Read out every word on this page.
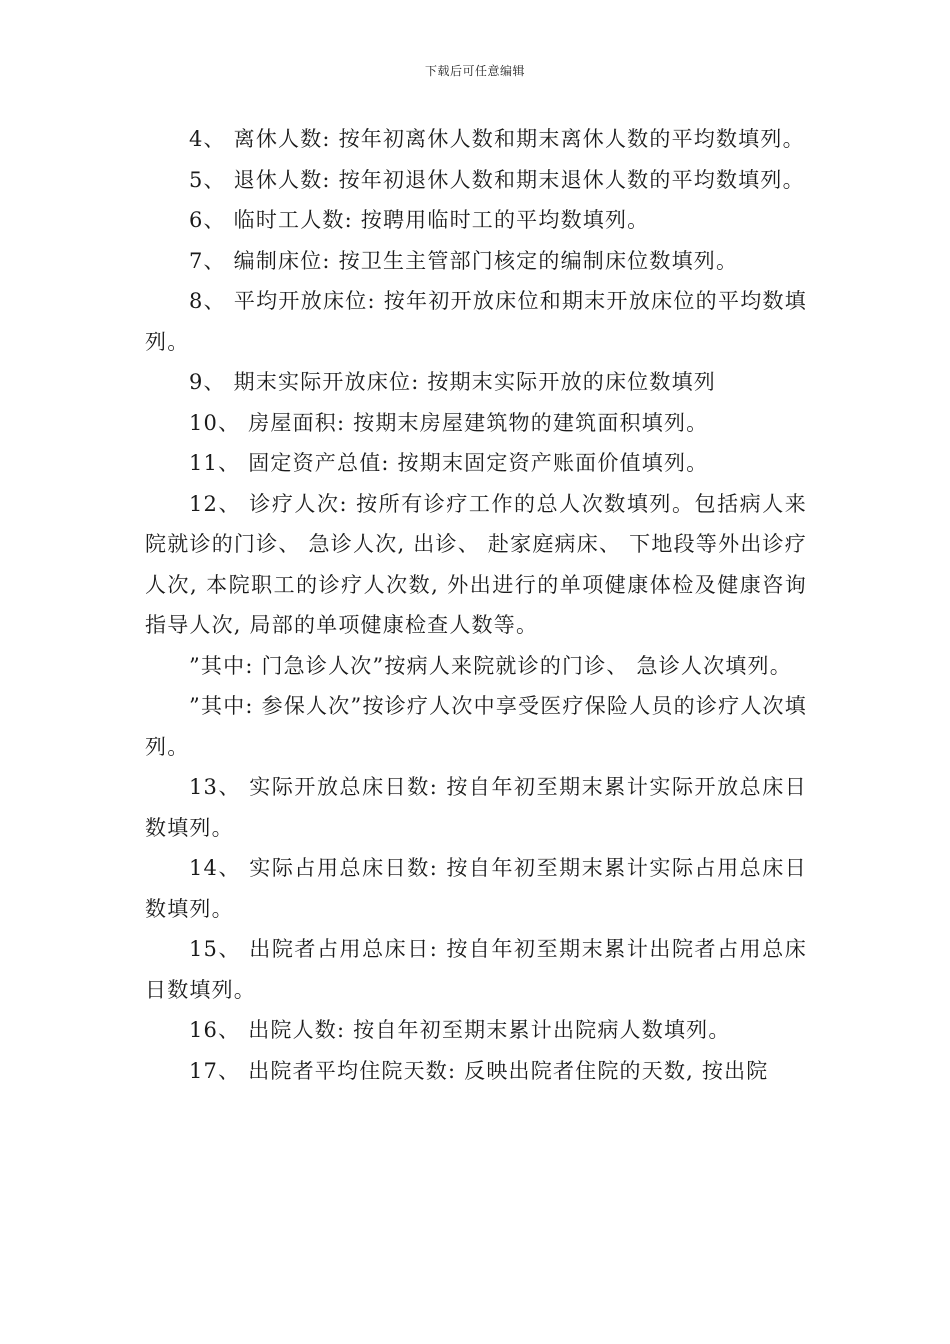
下载后可任意编辑

4、 离休人数: 按年初离休人数和期末离休人数的平均数填列。

5、 退休人数: 按年初退休人数和期末退休人数的平均数填列。

6、 临时工人数: 按聘用临时工的平均数填列。

7、 编制床位: 按卫生主管部门核定的编制床位数填列。

8、 平均开放床位: 按年初开放床位和期末开放床位的平均数填列。

9、 期末实际开放床位: 按期末实际开放的床位数填列

10、 房屋面积: 按期末房屋建筑物的建筑面积填列。

11、 固定资产总值: 按期末固定资产账面价值填列。

12、 诊疗人次: 按所有诊疗工作的总人次数填列。包括病人来院就诊的门诊、 急诊人次, 出诊、 赴家庭病床、 下地段等外出诊疗人次, 本院职工的诊疗人次数, 外出进行的单项健康体检及健康咨询指导人次, 局部的单项健康检查人数等。

”其中: 门急诊人次”按病人来院就诊的门诊、 急诊人次填列。

”其中: 参保人次”按诊疗人次中享受医疗保险人员的诊疗人次填列。

13、 实际开放总床日数: 按自年初至期末累计实际开放总床日数填列。

14、 实际占用总床日数: 按自年初至期末累计实际占用总床日数填列。

15、 出院者占用总床日: 按自年初至期末累计出院者占用总床日数填列。

16、 出院人数: 按自年初至期末累计出院病人数填列。

17、 出院者平均住院天数: 反映出院者住院的天数, 按出院
